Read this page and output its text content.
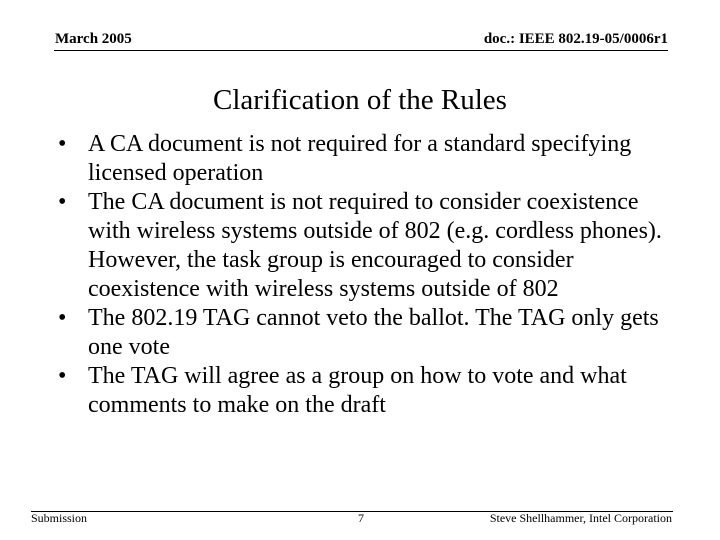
March 2005	doc.: IEEE 802.19-05/0006r1
Clarification of the Rules
• A CA document is not required for a standard specifying licensed operation
• The CA document is not required to consider coexistence with wireless systems outside of 802 (e.g. cordless phones). However, the task group is encouraged to consider coexistence with wireless systems outside of 802
• The 802.19 TAG cannot veto the ballot. The TAG only gets one vote
• The TAG will agree as a group on how to vote and what comments to make on the draft
Submission	7	Steve Shellhammer, Intel Corporation
